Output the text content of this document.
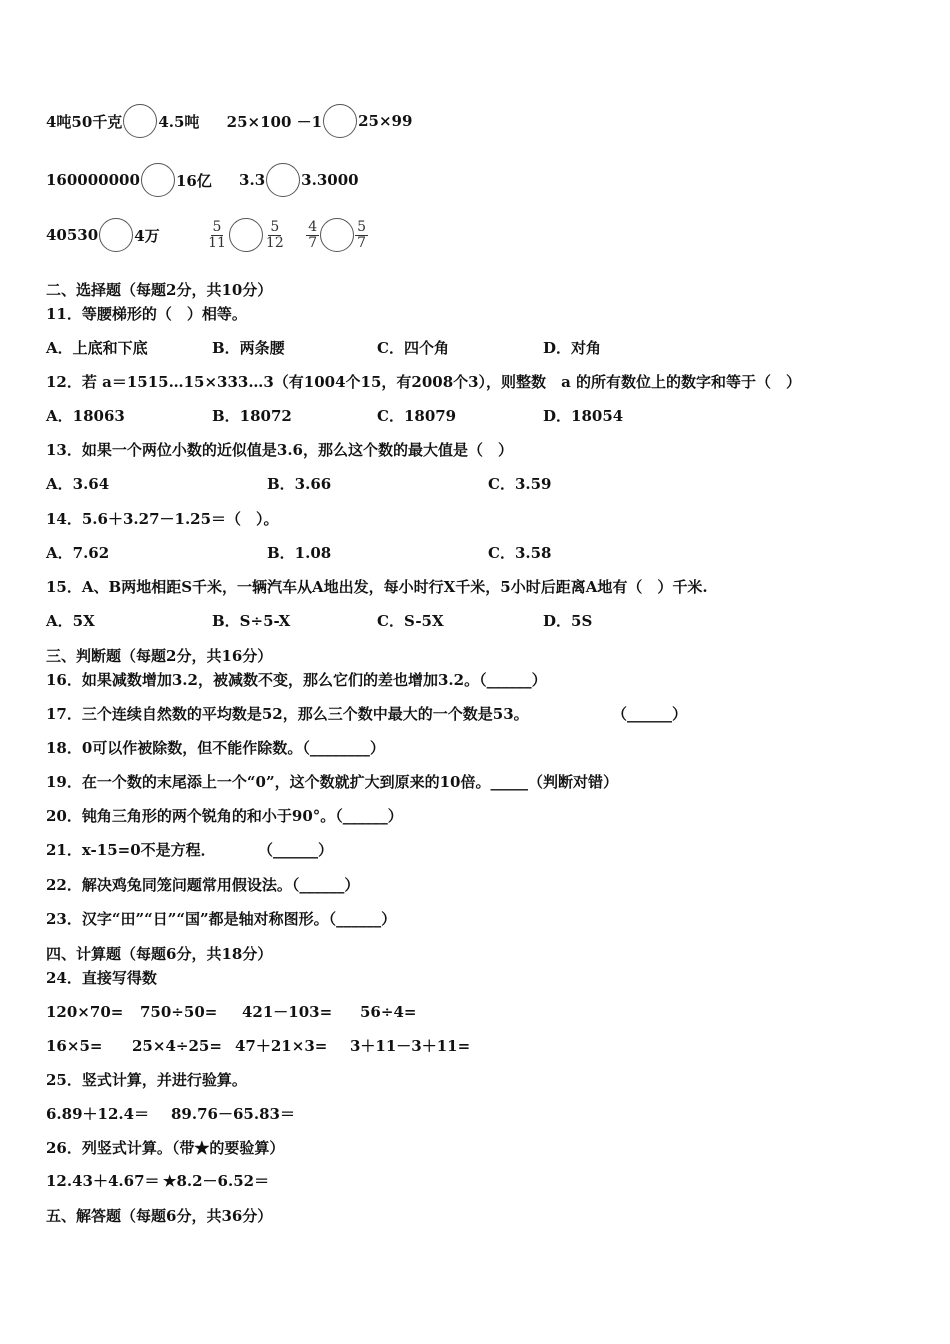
4吨50千克 4.5吨 25×100 －1 25×99
160000000 16亿 3.3 3.3000
40530 4万	$\frac{5}{11}$	$\frac{5}{12}$
$\frac{4}{7}$	$\frac{5}{7}$
二、选择题（每题2分，共10分）
11．等腰梯形的（　）相等。
A．上底和下底	B．两条腰	C．四个角	D．对角
12．若 a＝1515…15×333…3（有1004个15，有2008个3），则整数　a 的所有数位上的数字和等于（　）
A．18063	B．18072	C．18079	D．18054
13．如果一个两位小数的近似值是3.6，那么这个数的最大值是（　）
A．3.64	B．3.66	C．3.59
14．5.6＋3.27－1.25＝（　）。
A．7.62	B．1.08	C．3.58
15．A、B两地相距S千米，一辆汽车从A地出发，每小时行X千米，5小时后距离A地有（　）千米.
A．5X	B．S÷5-X	C．S-5X	D．5S
三、判断题（每题2分，共16分）
16．如果减数增加3.2，被减数不变，那么它们的差也增加3.2。（______）
17．三个连续自然数的平均数是52，那么三个数中最大的一个数是53。	（______）
18．0可以作被除数，但不能作除数。（________）
19．在一个数的末尾添上一个“0”，这个数就扩大到原来的10倍。_____（判断对错）
20．钝角三角形的两个锐角的和小于90°。（______）
21．x-15=0不是方程．	（______）
22．解决鸡兔同笼问题常用假设法。（______）
23．汉字“田”“日”“国”都是轴对称图形。（______）
四、计算题（每题6分，共18分）
24．直接写得数
120×70= 750÷50= 421－103= 56÷4=
16×5= 25×4÷25= 47＋21×3= 3＋11－3＋11=
25．竖式计算，并进行验算。
6.89＋12.4＝ 89.76－65.83＝
26．列竖式计算。（带★的要验算）
12.43＋4.67＝ ★8.2－6.52＝
五、解答题（每题6分，共36分）
